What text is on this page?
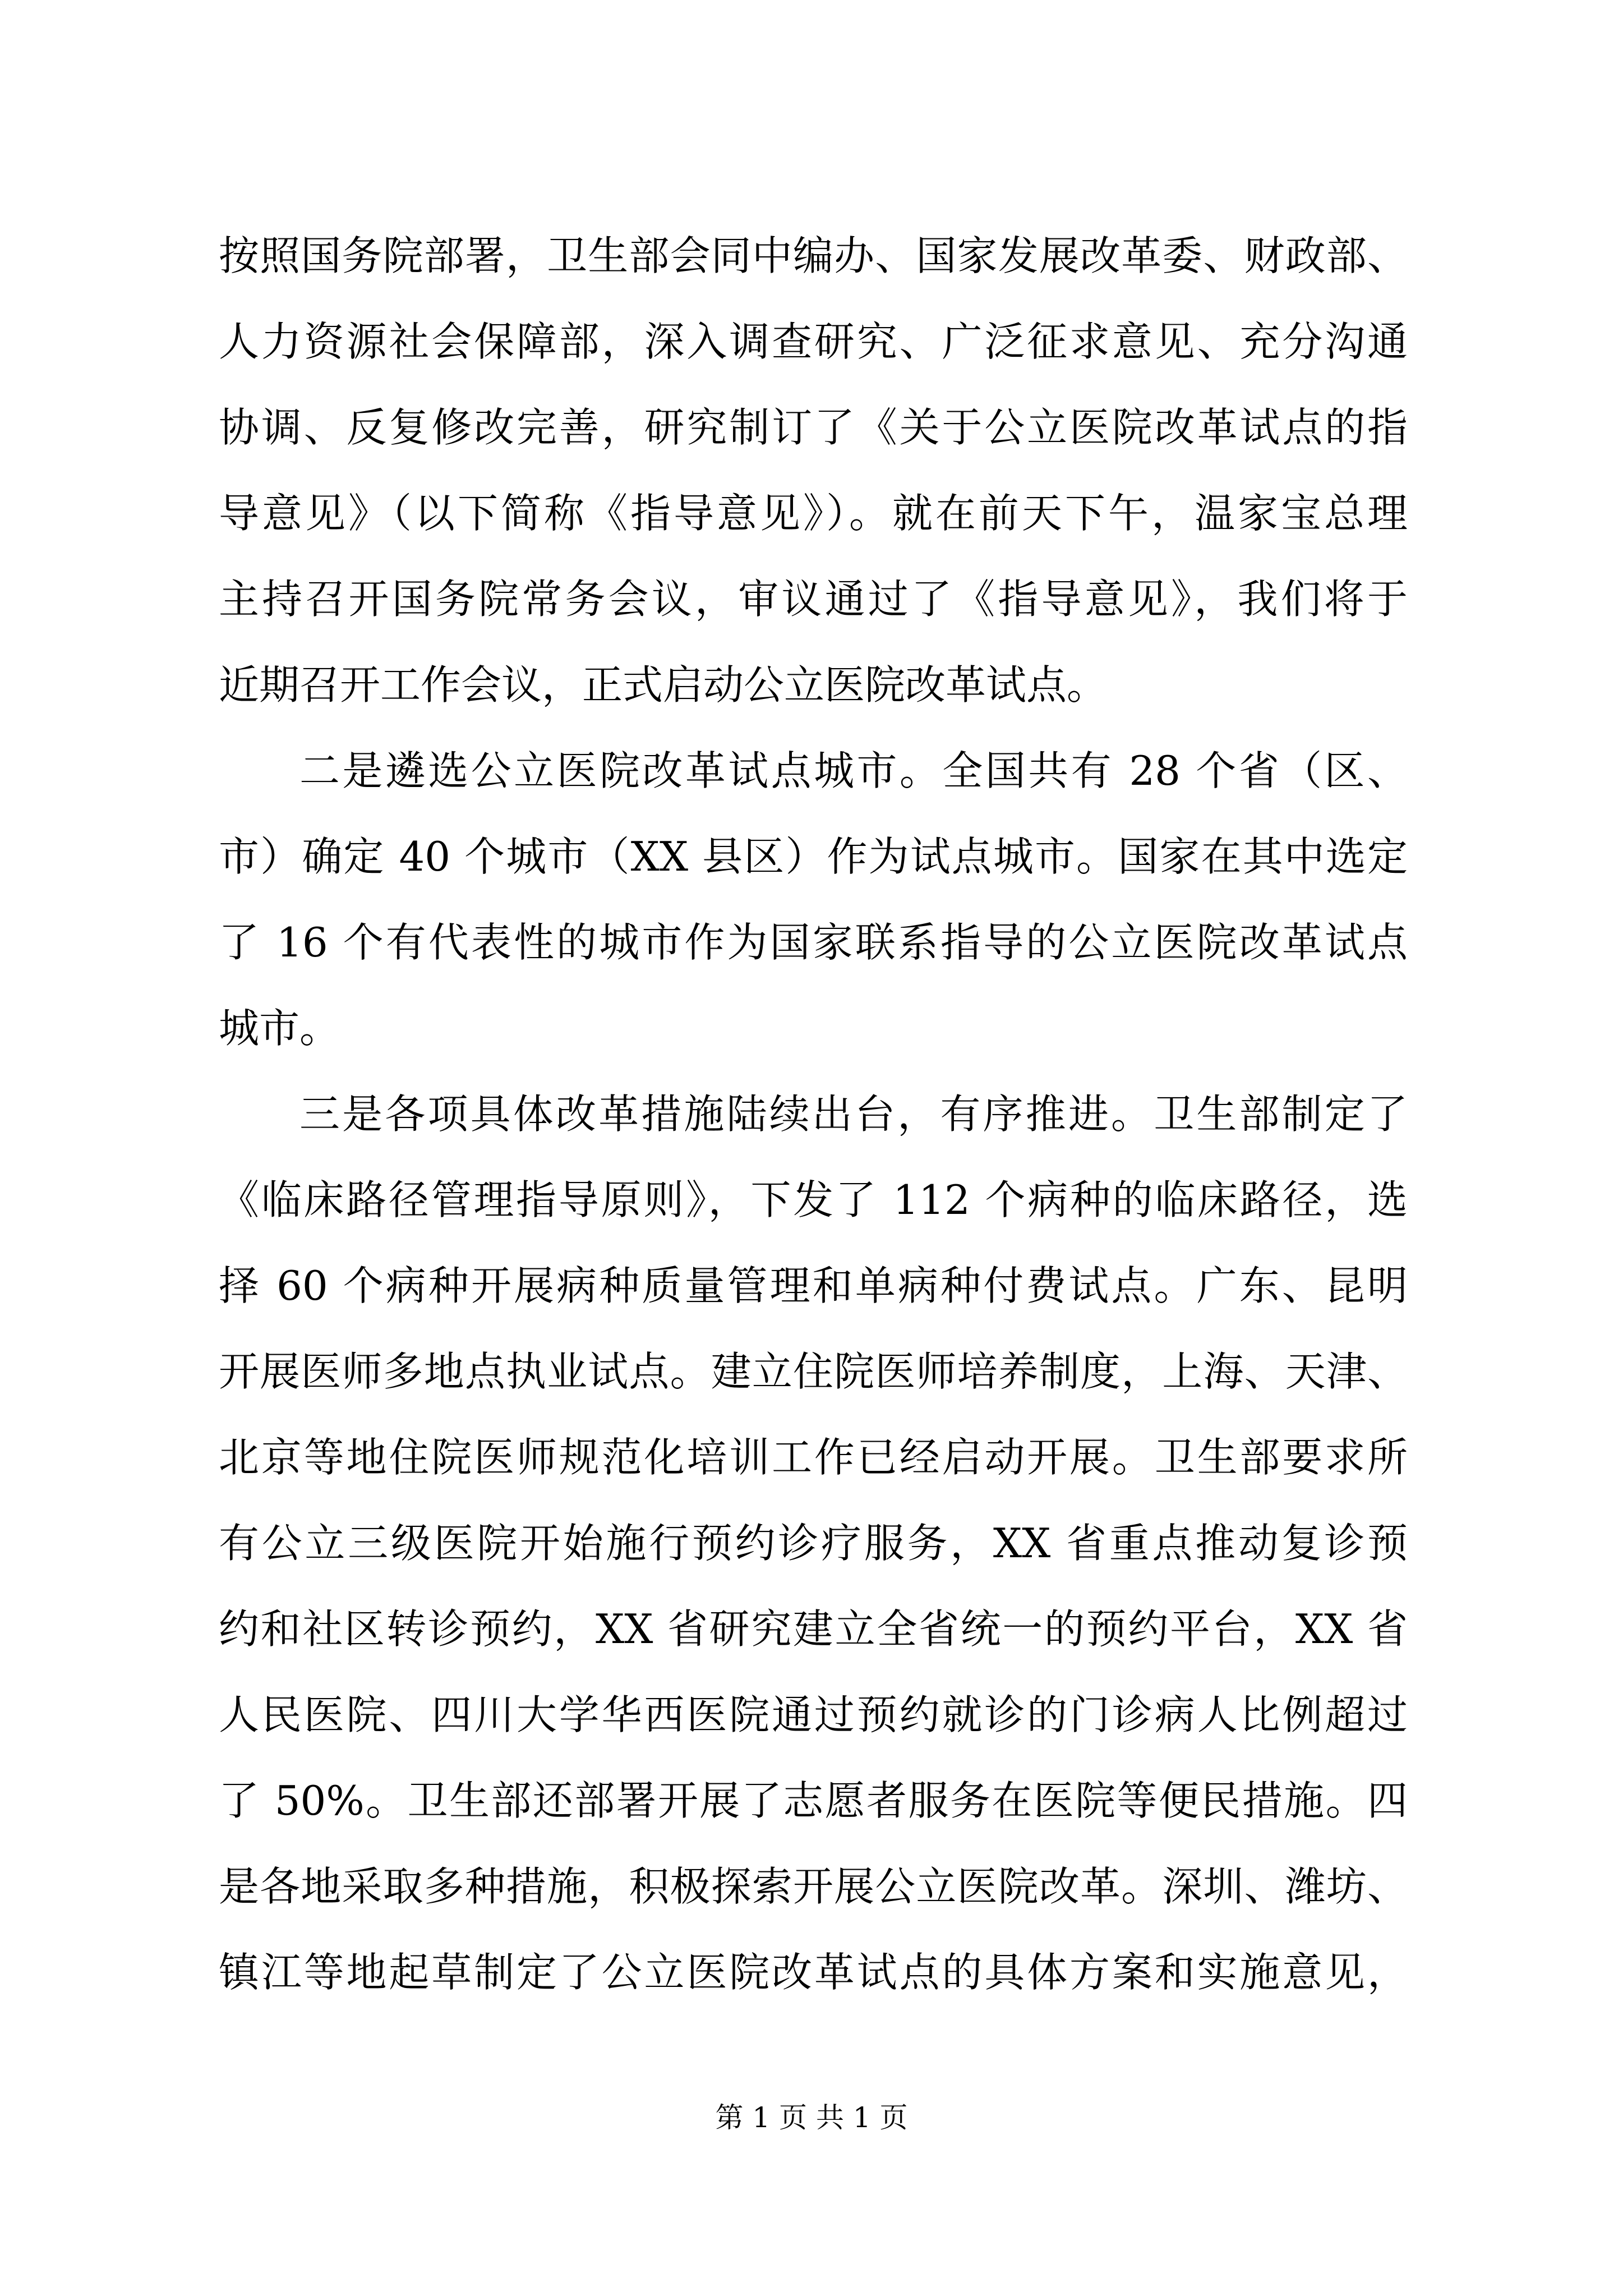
按照国务院部署，卫生部会同中编办、国家发展改革委、财政部、
人力资源社会保障部，深入调查研究、广泛征求意见、充分沟通
协调、反复修改完善，研究制订了《关于公立医院改革试点的指
导意见》（以下简称《指导意见》）。就在前天下午，温家宝总理
主持召开国务院常务会议，审议通过了《指导意见》，我们将于
近期召开工作会议，正式启动公立医院改革试点。
二是遴选公立医院改革试点城市。全国共有 28 个省（区、
市）确定 40 个城市（XX 县区）作为试点城市。国家在其中选定
了 16 个有代表性的城市作为国家联系指导的公立医院改革试点
城市。
三是各项具体改革措施陆续出台，有序推进。卫生部制定了
《临床路径管理指导原则》，下发了 112 个病种的临床路径，选
择 60 个病种开展病种质量管理和单病种付费试点。广东、昆明
开展医师多地点执业试点。建立住院医师培养制度，上海、天津、
北京等地住院医师规范化培训工作已经启动开展。卫生部要求所
有公立三级医院开始施行预约诊疗服务，XX 省重点推动复诊预
约和社区转诊预约，XX 省研究建立全省统一的预约平台，XX 省
人民医院、四川大学华西医院通过预约就诊的门诊病人比例超过
了 50%。卫生部还部署开展了志愿者服务在医院等便民措施。四
是各地采取多种措施，积极探索开展公立医院改革。深圳、潍坊、
镇江等地起草制定了公立医院改革试点的具体方案和实施意见，
第 1 页 共 1 页
